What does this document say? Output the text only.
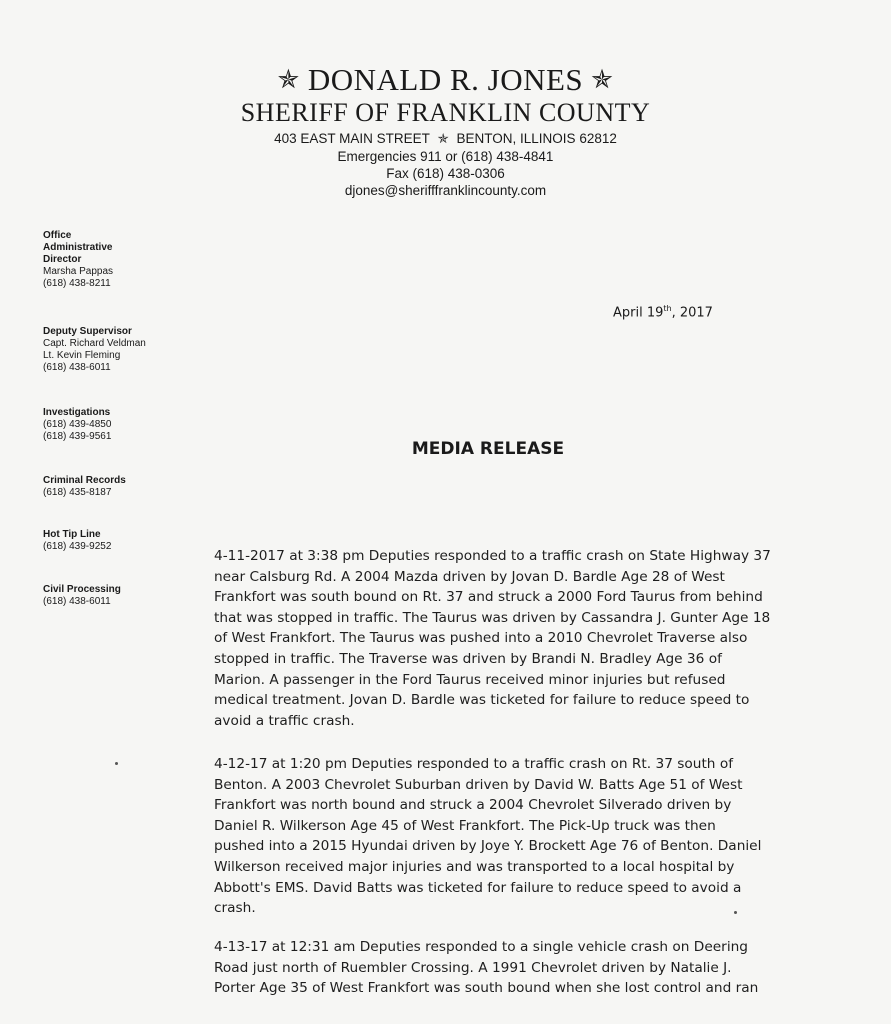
✯ DONALD R. JONES ✯
SHERIFF OF FRANKLIN COUNTY
403 EAST MAIN STREET ✯ BENTON, ILLINOIS 62812
Emergencies 911 or (618) 438-4841
Fax (618) 438-0306
djones@sherifffranklincounty.com
Office
Administrative
Director
Marsha Pappas
(618) 438-8211
Deputy Supervisor
Capt. Richard Veldman
Lt. Kevin Fleming
(618) 438-6011
Investigations
(618) 439-4850
(618) 439-9561
Criminal Records
(618) 435-8187
Hot Tip Line
(618) 439-9252
Civil Processing
(618) 438-6011
April 19th, 2017
MEDIA RELEASE
4-11-2017 at 3:38 pm Deputies responded to a traffic crash on State Highway 37
near Calsburg Rd. A 2004 Mazda driven by Jovan D. Bardle Age 28 of West
Frankfort was south bound on Rt. 37 and struck a 2000 Ford Taurus from behind
that was stopped in traffic. The Taurus was driven by Cassandra J. Gunter Age 18
of West Frankfort. The Taurus was pushed into a 2010 Chevrolet Traverse also
stopped in traffic. The Traverse was driven by Brandi N. Bradley Age 36 of
Marion. A passenger in the Ford Taurus received minor injuries but refused
medical treatment. Jovan D. Bardle was ticketed for failure to reduce speed to
avoid a traffic crash.
4-12-17 at 1:20 pm Deputies responded to a traffic crash on Rt. 37 south of
Benton. A 2003 Chevrolet Suburban driven by David W. Batts Age 51 of West
Frankfort was north bound and struck a 2004 Chevrolet Silverado driven by
Daniel R. Wilkerson Age 45 of West Frankfort. The Pick-Up truck was then
pushed into a 2015 Hyundai driven by Joye Y. Brockett Age 76 of Benton. Daniel
Wilkerson received major injuries and was transported to a local hospital by
Abbott's EMS. David Batts was ticketed for failure to reduce speed to avoid a
crash.
4-13-17 at 12:31 am Deputies responded to a single vehicle crash on Deering
Road just north of Ruembler Crossing. A 1991 Chevrolet driven by Natalie J.
Porter Age 35 of West Frankfort was south bound when she lost control and ran
